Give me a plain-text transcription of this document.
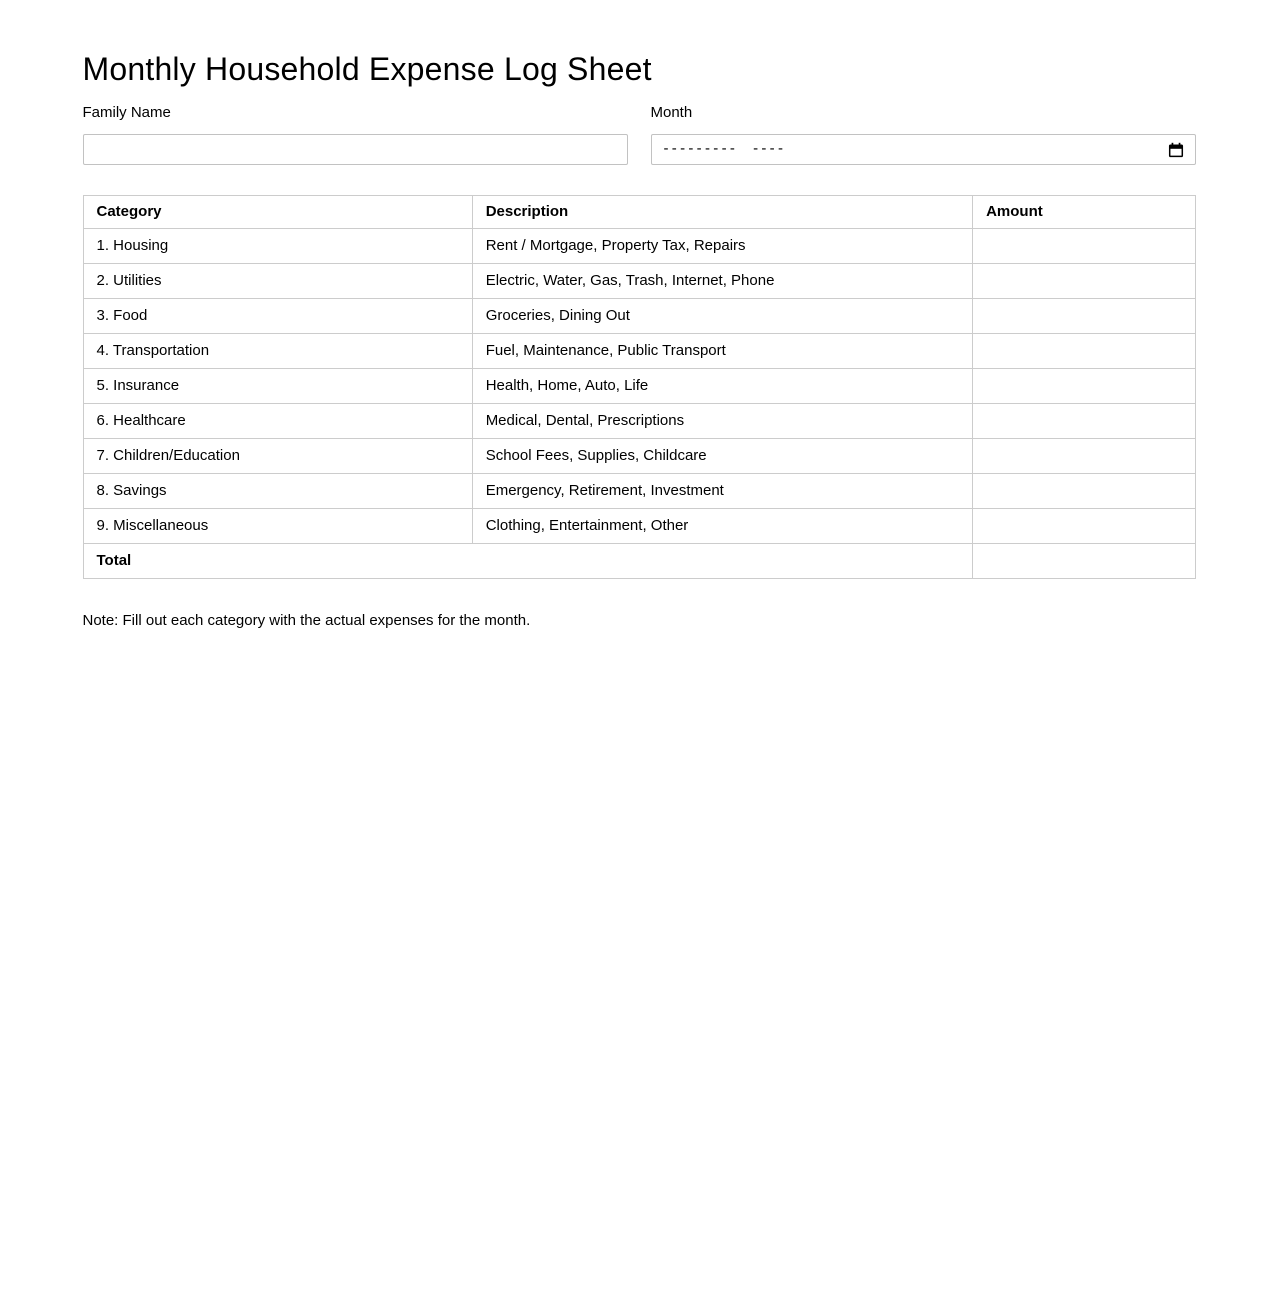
Monthly Household Expense Log Sheet
Family Name	Month
---------  ----
Category	Description	Amount
1. Housing	Rent / Mortgage, Property Tax, Repairs	
2. Utilities	Electric, Water, Gas, Trash, Internet, Phone	
3. Food	Groceries, Dining Out	
4. Transportation	Fuel, Maintenance, Public Transport	
5. Insurance	Health, Home, Auto, Life	
6. Healthcare	Medical, Dental, Prescriptions	
7. Children/Education	School Fees, Supplies, Childcare	
8. Savings	Emergency, Retirement, Investment	
9. Miscellaneous	Clothing, Entertainment, Other	
Total		

Note: Fill out each category with the actual expenses for the month.
